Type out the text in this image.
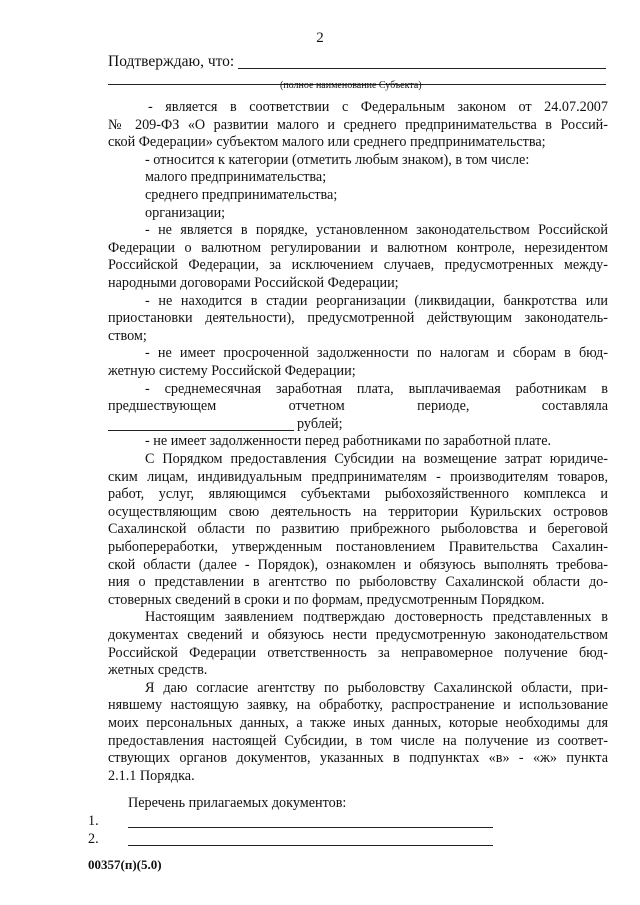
2
Подтверждаю, что:
(полное наименование Субъекта)
- является в соответствии с Федеральным законом от 24.07.2007
№ 209-ФЗ «О развитии малого и среднего предпринимательства в Россий-
ской Федерации» субъектом малого или среднего предпринимательства;
- относится к категории (отметить любым знаком), в том числе:
малого предпринимательства;
среднего предпринимательства;
организации;
- не является в порядке, установленном законодательством Российской
Федерации о валютном регулировании и валютном контроле, нерезидентом
Российской Федерации, за исключением случаев, предусмотренных между-
народными договорами Российской Федерации;
- не находится в стадии реорганизации (ликвидации, банкротства или
приостановки деятельности), предусмотренной действующим законодатель-
ством;
- не имеет просроченной задолженности по налогам и сборам в бюд-
жетную систему Российской Федерации;
- среднемесячная заработная плата, выплачиваемая работникам в
предшествующем отчетном периоде, составляла
рублей;
- не имеет задолженности перед работниками по заработной плате.
С Порядком предоставления Субсидии на возмещение затрат юридиче-
ским лицам, индивидуальным предпринимателям - производителям товаров,
работ, услуг, являющимся субъектами рыбохозяйственного комплекса и
осуществляющим свою деятельность на территории Курильских островов
Сахалинской области по развитию прибрежного рыболовства и береговой
рыбопереработки, утвержденным постановлением Правительства Сахалин-
ской области (далее - Порядок), ознакомлен и обязуюсь выполнять требова-
ния о представлении в агентство по рыболовству Сахалинской области до-
стоверных сведений в сроки и по формам, предусмотренным Порядком.
Настоящим заявлением подтверждаю достоверность представленных в
документах сведений и обязуюсь нести предусмотренную законодательством
Российской Федерации ответственность за неправомерное получение бюд-
жетных средств.
Я даю согласие агентству по рыболовству Сахалинской области, при-
нявшему настоящую заявку, на обработку, распространение и использование
моих персональных данных, а также иных данных, которые необходимы для
предоставления настоящей Субсидии, в том числе на получение из соответ-
ствующих органов документов, указанных в подпунктах «в» - «ж» пункта
2.1.1 Порядка.
Перечень прилагаемых документов:
1.
2.
00357(п)(5.0)
